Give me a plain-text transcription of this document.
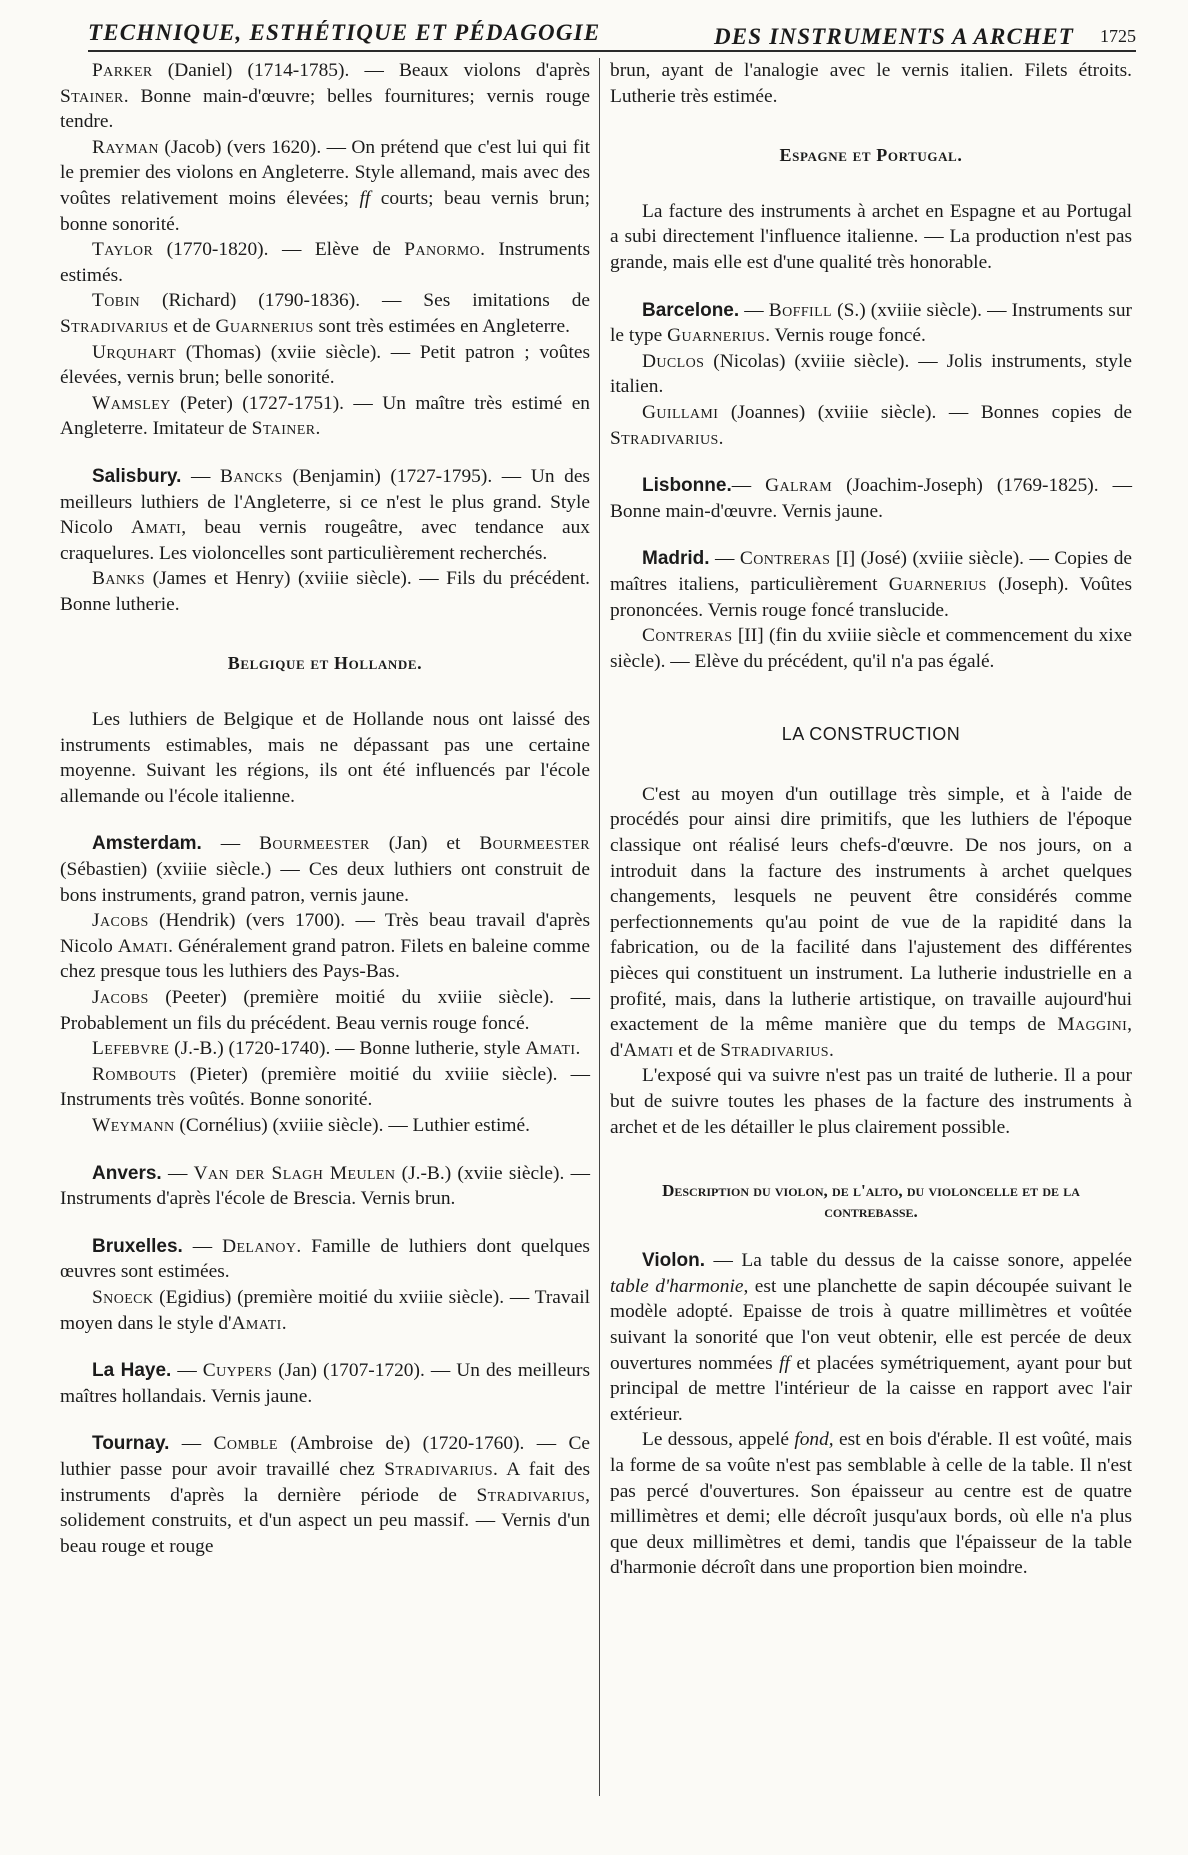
TECHNIQUE, ESTHÉTIQUE ET PÉDAGOGIE	DES INSTRUMENTS A ARCHET 1725

Parker (Daniel) (1714-1785). — Beaux violons d'après Stainer. Bonne main-d'œuvre; belles fournitures; vernis rouge tendre.

Rayman (Jacob) (vers 1620). — On prétend que c'est lui qui fit le premier des violons en Angleterre. Style allemand, mais avec des voûtes relativement moins élevées; ff courts; beau vernis brun; bonne sonorité.

Taylor (1770-1820). — Elève de Panormo. Instruments estimés.

Tobin (Richard) (1790-1836). — Ses imitations de Stradivarius et de Guarnerius sont très estimées en Angleterre.

Urquhart (Thomas) (xviie siècle). — Petit patron ; voûtes élevées, vernis brun; belle sonorité.

Wamsley (Peter) (1727-1751). — Un maître très estimé en Angleterre. Imitateur de Stainer.

Salisbury. — Bancks (Benjamin) (1727-1795). — Un des meilleurs luthiers de l'Angleterre, si ce n'est le plus grand. Style Nicolo Amati, beau vernis rougeâtre, avec tendance aux craquelures. Les violoncelles sont particulièrement recherchés.

Banks (James et Henry) (xviiie siècle). — Fils du précédent. Bonne lutherie.

Belgique et Hollande.

Les luthiers de Belgique et de Hollande nous ont laissé des instruments estimables, mais ne dépassant pas une certaine moyenne. Suivant les régions, ils ont été influencés par l'école allemande ou l'école italienne.

Amsterdam. — Bourmeester (Jan) et Bourmeester (Sébastien) (xviiie siècle.) — Ces deux luthiers ont construit de bons instruments, grand patron, vernis jaune.

Jacobs (Hendrik) (vers 1700). — Très beau travail d'après Nicolo Amati. Généralement grand patron. Filets en baleine comme chez presque tous les luthiers des Pays-Bas.

Jacobs (Peeter) (première moitié du xviiie siècle). — Probablement un fils du précédent. Beau vernis rouge foncé.

Lefebvre (J.-B.) (1720-1740). — Bonne lutherie, style Amati.

Rombouts (Pieter) (première moitié du xviiie siècle). — Instruments très voûtés. Bonne sonorité.

Weymann (Cornélius) (xviiie siècle). — Luthier estimé.

Anvers. — Van der Slagh Meulen (J.-B.) (xviie siècle). — Instruments d'après l'école de Brescia. Vernis brun.

Bruxelles. — Delanoy. Famille de luthiers dont quelques œuvres sont estimées.

Snoeck (Egidius) (première moitié du xviiie siècle). — Travail moyen dans le style d'Amati.

La Haye. — Cuypers (Jan) (1707-1720). — Un des meilleurs maîtres hollandais. Vernis jaune.

Tournay. — Comble (Ambroise de) (1720-1760). — Ce luthier passe pour avoir travaillé chez Stradivarius. A fait des instruments d'après la dernière période de Stradivarius, solidement construits, et d'un aspect un peu massif. — Vernis d'un beau rouge et rouge

brun, ayant de l'analogie avec le vernis italien. Filets étroits. Lutherie très estimée.

Espagne et Portugal.

La facture des instruments à archet en Espagne et au Portugal a subi directement l'influence italienne. — La production n'est pas grande, mais elle est d'une qualité très honorable.

Barcelone. — Boffill (S.) (xviiie siècle). — Instruments sur le type Guarnerius. Vernis rouge foncé.

Duclos (Nicolas) (xviiie siècle). — Jolis instruments, style italien.

Guillami (Joannes) (xviiie siècle). — Bonnes copies de Stradivarius.

Lisbonne.— Galram (Joachim-Joseph) (1769-1825). — Bonne main-d'œuvre. Vernis jaune.

Madrid. — Contreras [I] (José) (xviiie siècle). — Copies de maîtres italiens, particulièrement Guarnerius (Joseph). Voûtes prononcées. Vernis rouge foncé translucide.

Contreras [II] (fin du xviiie siècle et commencement du xixe siècle). — Elève du précédent, qu'il n'a pas égalé.

LA CONSTRUCTION

C'est au moyen d'un outillage très simple, et à l'aide de procédés pour ainsi dire primitifs, que les luthiers de l'époque classique ont réalisé leurs chefs-d'œuvre. De nos jours, on a introduit dans la facture des instruments à archet quelques changements, lesquels ne peuvent être considérés comme perfectionnements qu'au point de vue de la rapidité dans la fabrication, ou de la facilité dans l'ajustement des différentes pièces qui constituent un instrument. La lutherie industrielle en a profité, mais, dans la lutherie artistique, on travaille aujourd'hui exactement de la même manière que du temps de Maggini, d'Amati et de Stradivarius.

L'exposé qui va suivre n'est pas un traité de lutherie. Il a pour but de suivre toutes les phases de la facture des instruments à archet et de les détailler le plus clairement possible.

Description du violon, de l'alto, du violoncelle et de la contrebasse.

Violon. — La table du dessus de la caisse sonore, appelée table d'harmonie, est une planchette de sapin découpée suivant le modèle adopté. Epaisse de trois à quatre millimètres et voûtée suivant la sonorité que l'on veut obtenir, elle est percée de deux ouvertures nommées ff et placées symétriquement, ayant pour but principal de mettre l'intérieur de la caisse en rapport avec l'air extérieur.

Le dessous, appelé fond, est en bois d'érable. Il est voûté, mais la forme de sa voûte n'est pas semblable à celle de la table. Il n'est pas percé d'ouvertures. Son épaisseur au centre est de quatre millimètres et demi; elle décroît jusqu'aux bords, où elle n'a plus que deux millimètres et demi, tandis que l'épaisseur de la table d'harmonie décroît dans une proportion bien moindre.
